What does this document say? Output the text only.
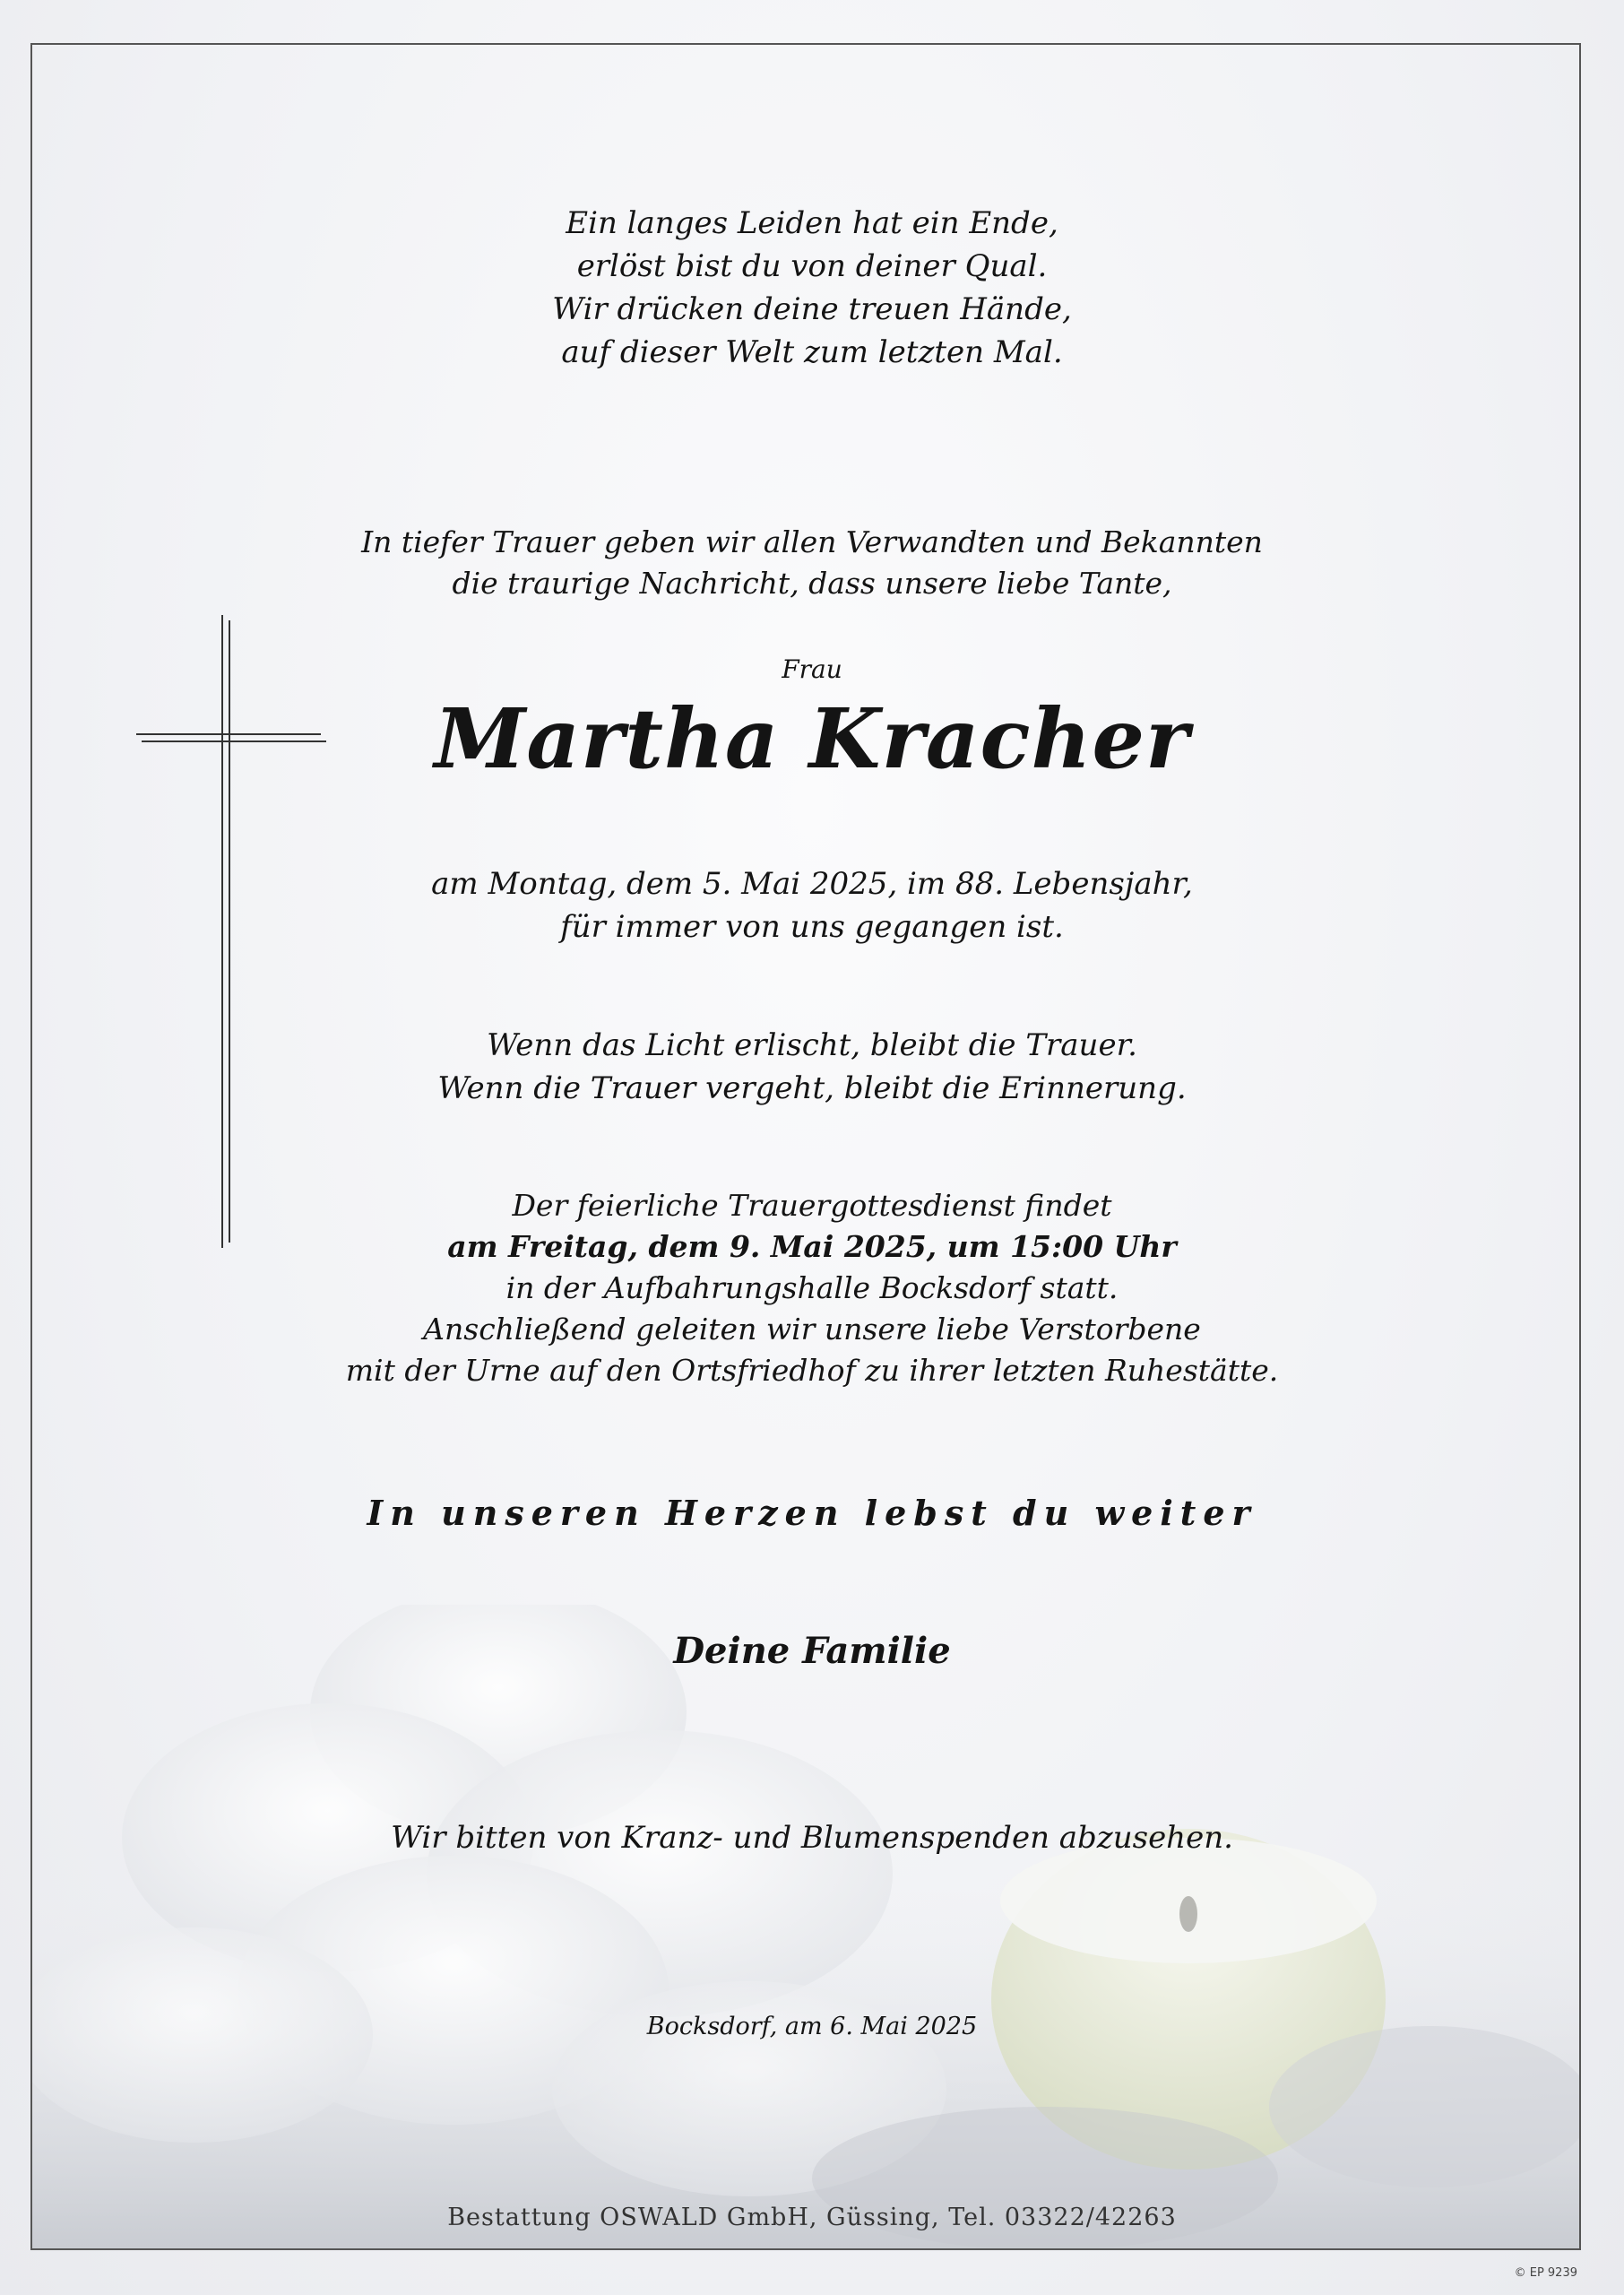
Ein langes Leiden hat ein Ende,
erlöst bist du von deiner Qual.
Wir drücken deine treuen Hände,
auf dieser Welt zum letzten Mal.
In tiefer Trauer geben wir allen Verwandten und Bekannten
die traurige Nachricht, dass unsere liebe Tante,
Frau
Martha Kracher
am Montag, dem 5. Mai 2025, im 88. Lebensjahr,
für immer von uns gegangen ist.
Wenn das Licht erlischt, bleibt die Trauer.
Wenn die Trauer vergeht, bleibt die Erinnerung.
Der feierliche Trauergottesdienst findet
am Freitag, dem 9. Mai 2025, um 15:00 Uhr
in der Aufbahrungshalle Bocksdorf statt.
Anschließend geleiten wir unsere liebe Verstorbene
mit der Urne auf den Ortsfriedhof zu ihrer letzten Ruhestätte.
In unseren Herzen lebst du weiter
Deine Familie
Wir bitten von Kranz- und Blumenspenden abzusehen.
Bocksdorf, am 6. Mai 2025
Bestattung OSWALD GmbH, Güssing, Tel. 03322/42263
© EP 9239
